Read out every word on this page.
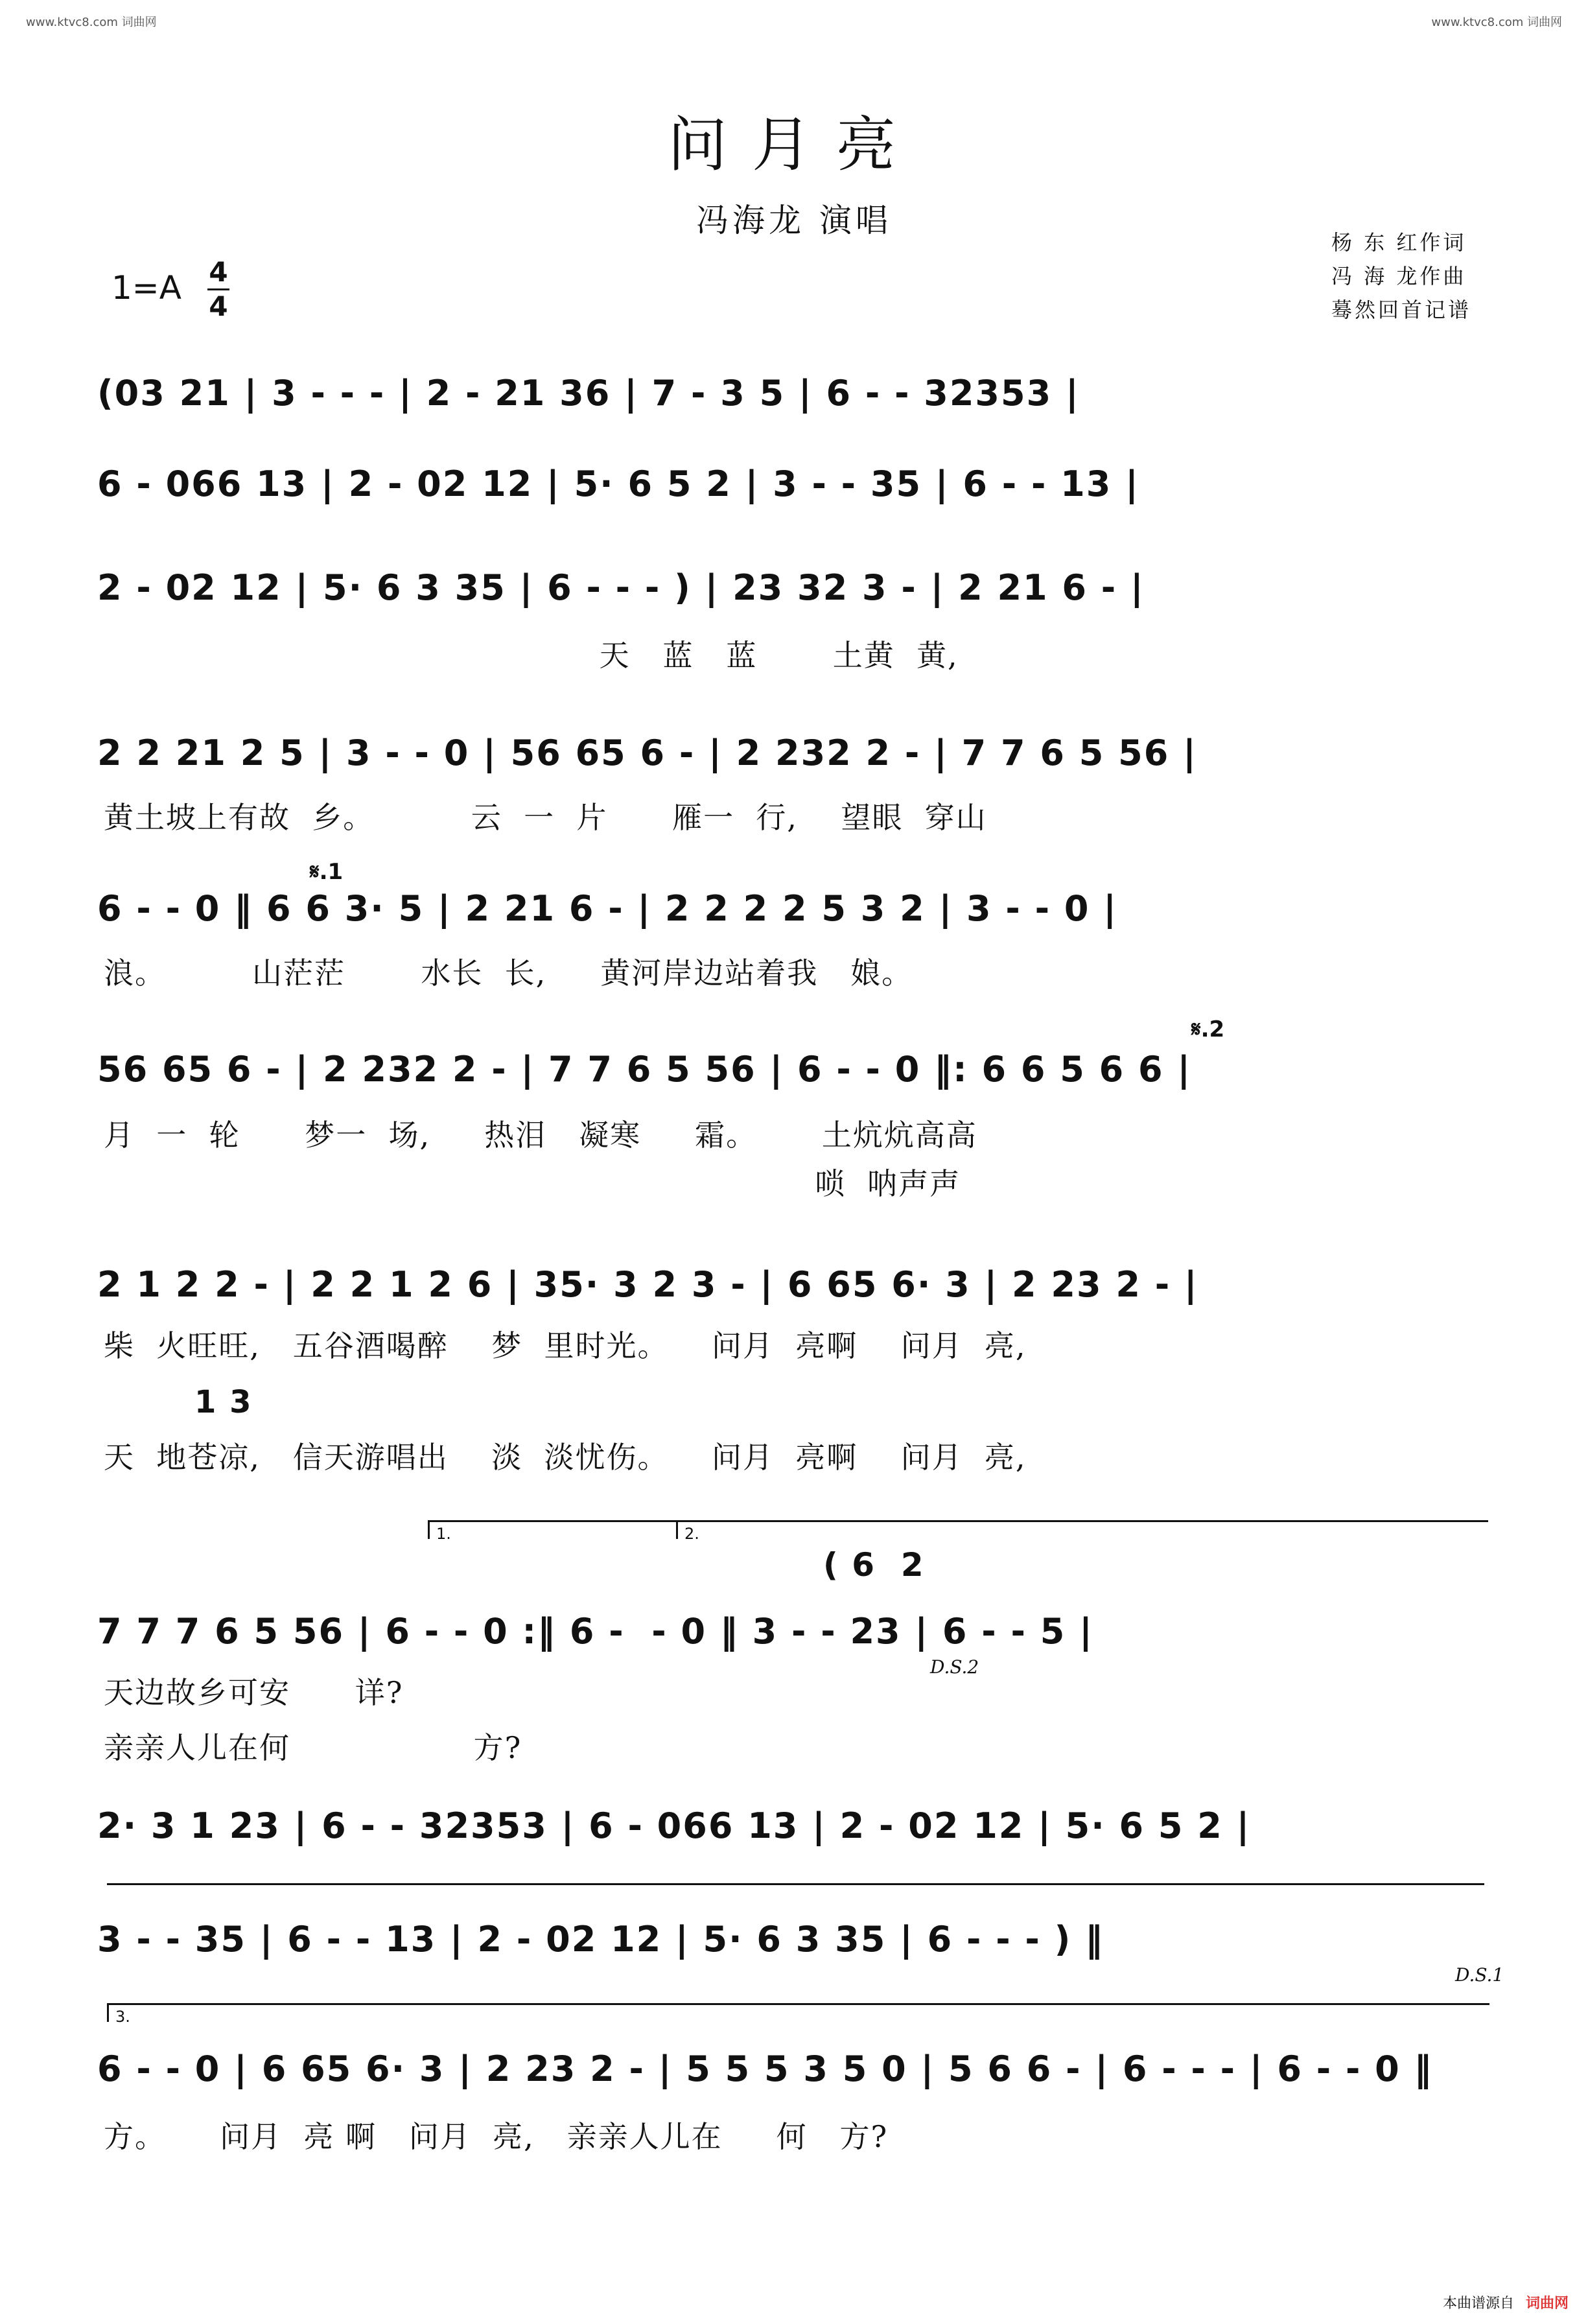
www.ktvc8.com 词曲网	www.ktvc8.com 词曲网
问月亮
冯海龙 演唱
杨 东 红作词
冯 海 龙作曲
蓦然回首记谱
1=A 4
4
(03 21 | 3 - - - | 2 - 21 36 | 7 - 3 5 | 6 - - 32353 |
6 - 066 13 | 2 - 02 12 | 5· 6 5 2 | 3 - - 35 | 6 - - 13 |
2 - 02 12 | 5· 6 3 35 | 6 - - - ) | 23 32 3 - | 2 21 6 - |
天   蓝   蓝       土黄  黄,
2 2 21 2 5 | 3 - - 0 | 56 65 6 - | 2 232 2 - | 7 7 6 5 56 |
黄土坡上有故  乡。         云  一  片      雁一  行,    望眼  穿山
𝄋.1
6 - - 0 ‖ 6 6 3· 5 | 2 21 6 - | 2 2 2 2 5 3 2 | 3 - - 0 |
浪。        山茫茫       水长  长,     黄河岸边站着我   娘。
𝄋.2
56 65 6 - | 2 232 2 - | 7 7 6 5 56 | 6 - - 0 ‖: 6 6 5 6 6 |
月  一  轮      梦一  场,     热泪   凝寒     霜。      土炕炕高高
唢  呐声声
2 1 2 2 - | 2 2 1 2 6 | 35· 3 2 3 - | 6 65 6· 3 | 2 23 2 - |
柴  火旺旺,   五谷酒喝醉    梦  里时光。    问月  亮啊    问月  亮,
1 3
天  地苍凉,   信天游唱出    淡  淡忧伤。    问月  亮啊    问月  亮,
1.	2.
( 6  2
7 7 7 6 5 56 | 6 - - 0 :‖ 6 -  - 0 ‖ 3 - - 23 | 6 - - 5 |
D.S.2
天边故乡可安      详?
亲亲人儿在何                 方?
2· 3 1 23 | 6 - - 32353 | 6 - 066 13 | 2 - 02 12 | 5· 6 5 2 |
3 - - 35 | 6 - - 13 | 2 - 02 12 | 5· 6 3 35 | 6 - - - ) ‖
D.S.1
3.
6 - - 0 | 6 65 6· 3 | 2 23 2 - | 5 5 5 3 5 0 | 5 6 6 - | 6 - - - | 6 - - 0 ‖
方。     问月  亮 啊   问月  亮,   亲亲人儿在     何   方?
本曲谱源自 词曲网
